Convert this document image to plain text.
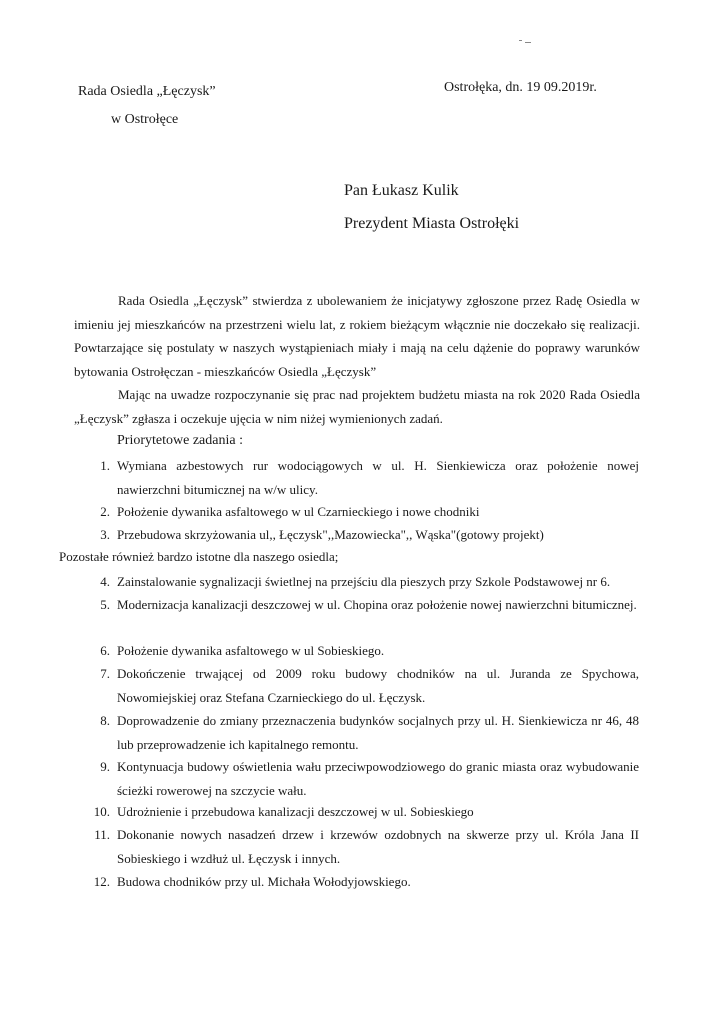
Rada Osiedla „Łęczysk”
w Ostrołęce
Ostrołęka, dn. 19 09.2019r.
Pan Łukasz Kulik
Prezydent Miasta Ostrołęki

Rada Osiedla „Łęczysk” stwierdza z ubolewaniem że inicjatywy zgłoszone przez Radę Osiedla w imieniu jej mieszkańców na przestrzeni wielu lat, z rokiem bieżącym włącznie nie doczekało się realizacji. Powtarzające się postulaty w naszych wystąpieniach miały i mają na celu dążenie do poprawy warunków bytowania Ostrołęczan - mieszkańców Osiedla „Łęczysk”

Mając na uwadze rozpoczynanie się prac nad projektem budżetu miasta na rok 2020 Rada Osiedla „Łęczysk” zgłasza i oczekuje ujęcia w nim niżej wymienionych zadań.

Priorytetowe zadania :
Pozostałe również bardzo istotne dla naszego osiedla;
1. Wymiana azbestowych rur wodociągowych w ul. H. Sienkiewicza oraz położenie nowej nawierzchni bitumicznej na w/w ulicy.
2. Położenie dywanika asfaltowego w ul Czarnieckiego i nowe chodniki
3. Przebudowa skrzyżowania ul,, Łęczysk",,Mazowiecka",, Wąska"(gotowy projekt)
4. Zainstalowanie sygnalizacji świetlnej na przejściu dla pieszych przy Szkole Podstawowej nr 6.
5. Modernizacja kanalizacji deszczowej w ul. Chopina oraz położenie nowej nawierzchni bitumicznej.
6. Położenie dywanika asfaltowego w ul Sobieskiego.
7. Dokończenie trwającej od 2009 roku budowy chodników na ul. Juranda ze Spychowa, Nowomiejskiej oraz Stefana Czarnieckiego do ul. Łęczysk.
8. Doprowadzenie do zmiany przeznaczenia budynków socjalnych przy ul. H. Sienkiewicza nr 46, 48 lub przeprowadzenie ich kapitalnego remontu.
9. Kontynuacja budowy oświetlenia wału przeciwpowodziowego do granic miasta oraz wybudowanie ścieżki rowerowej na szczycie wału.
10. Udrożnienie i przebudowa kanalizacji deszczowej w ul. Sobieskiego
11. Dokonanie nowych nasadzeń drzew i krzewów ozdobnych na skwerze przy ul. Króla Jana II Sobieskiego i wzdłuż ul. Łęczysk i innych.
12. Budowa chodników przy ul. Michała Wołodyjowskiego.
